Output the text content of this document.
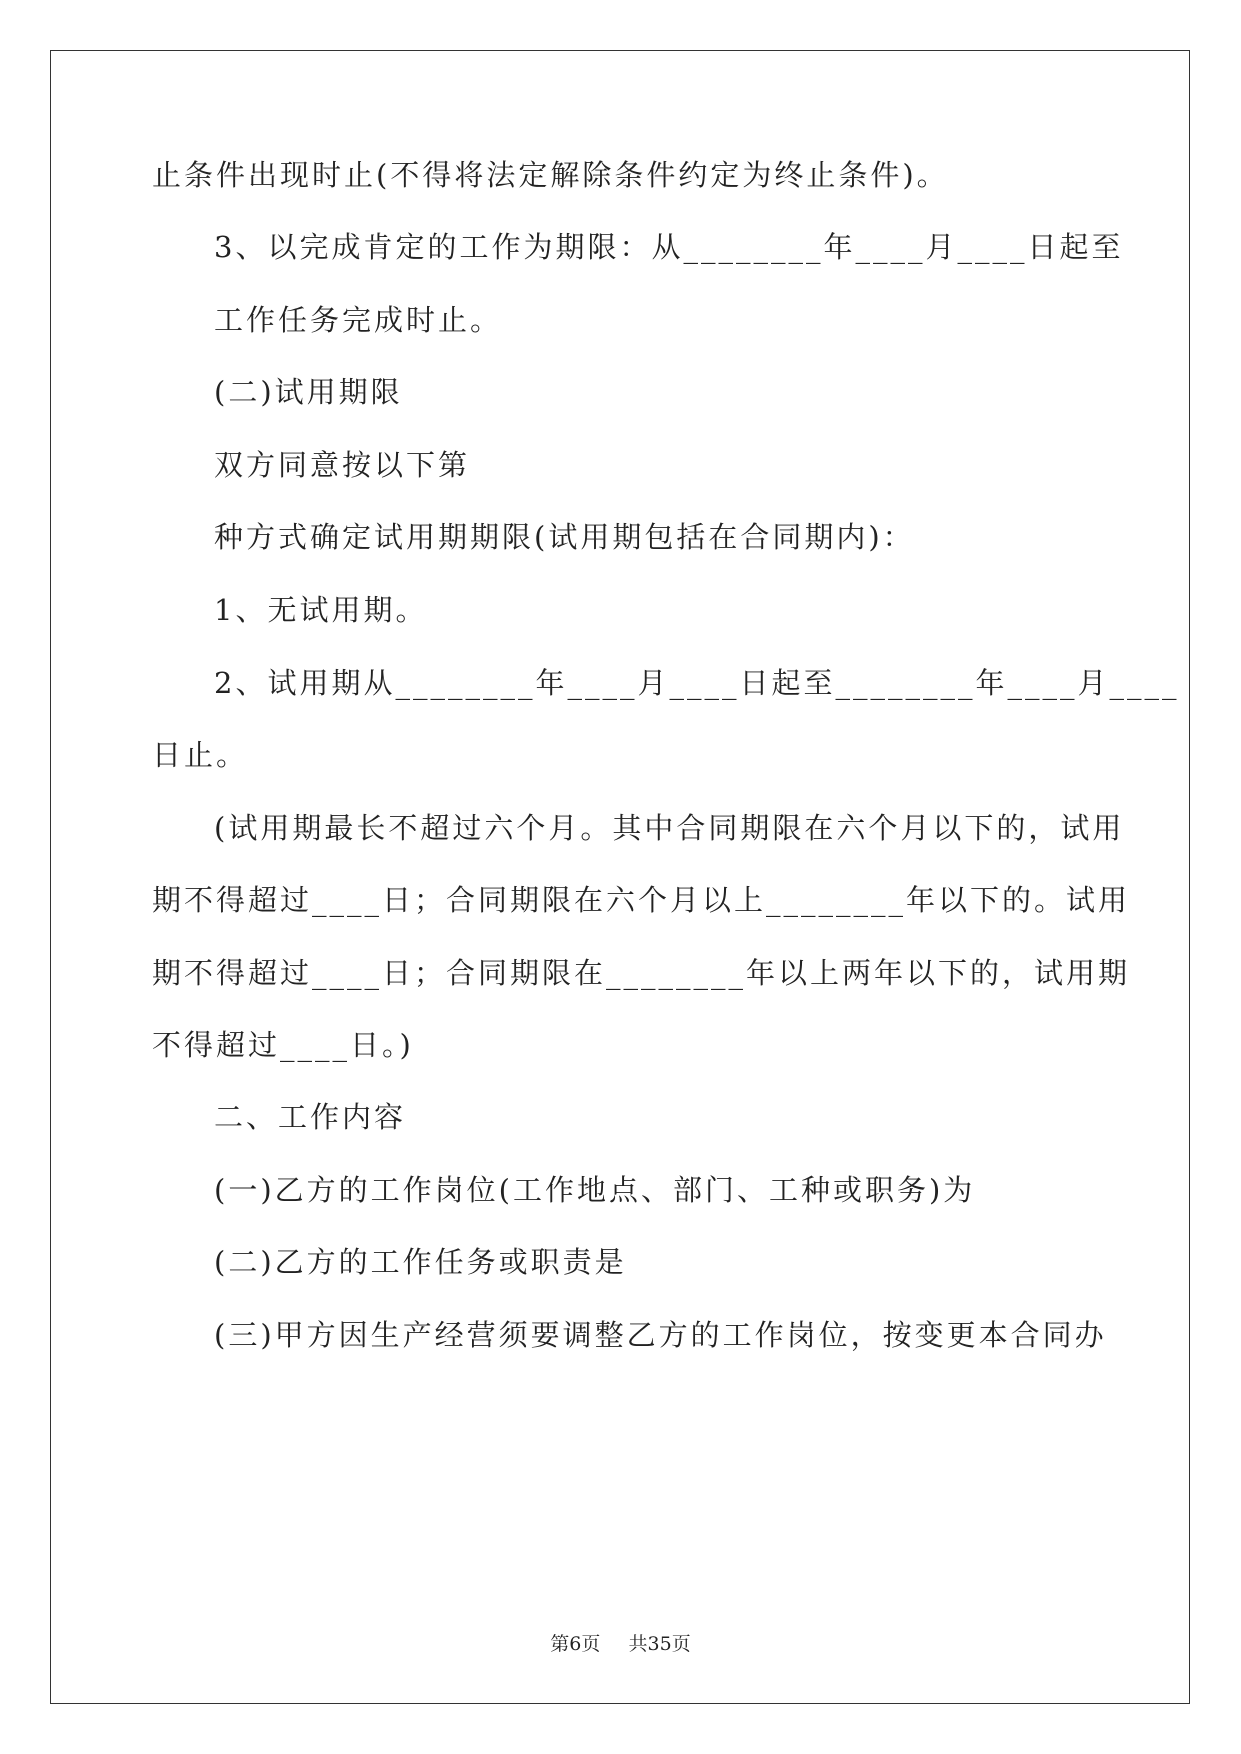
止条件出现时止(不得将法定解除条件约定为终止条件)。
3、以完成肯定的工作为期限：从________年____月____日起至
工作任务完成时止。
(二)试用期限
双方同意按以下第
种方式确定试用期期限(试用期包括在合同期内)：
1、无试用期。
2、试用期从________年____月____日起至________年____月____
日止。
(试用期最长不超过六个月。其中合同期限在六个月以下的，试用
期不得超过____日；合同期限在六个月以上________年以下的。试用
期不得超过____日；合同期限在________年以上两年以下的，试用期
不得超过____日。)
二、工作内容
(一)乙方的工作岗位(工作地点、部门、工种或职务)为
(二)乙方的工作任务或职责是
(三)甲方因生产经营须要调整乙方的工作岗位，按变更本合同办
第6页 共35页
